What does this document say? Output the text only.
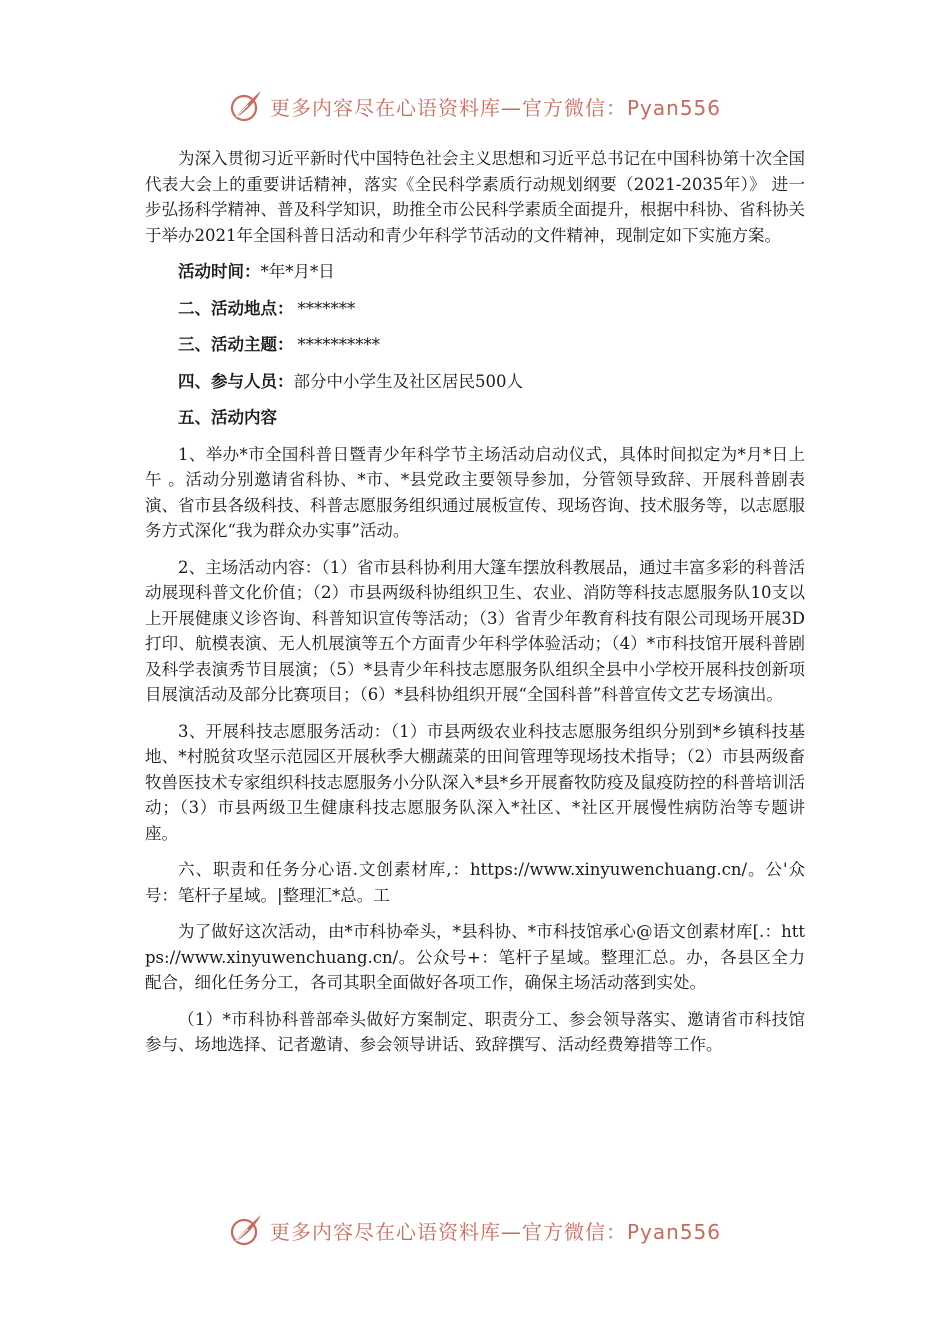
更多内容尽在心语资料库—官方微信：Pyan556

为深入贯彻习近平新时代中国特色社会主义思想和习近平总书记在中国科协第十次全国代表大会上的重要讲话精神，落实《全民科学素质行动规划纲要（2021-2035年）》 进一步弘扬科学精神、普及科学知识，助推全市公民科学素质全面提升，根据中科协、省科协关于举办2021年全国科普日活动和青少年科学节活动的文件精神，现制定如下实施方案。

活动时间：*年*月*日

二、活动地点： *******

三、活动主题： **********

四、参与人员：部分中小学生及社区居民500人

五、活动内容

1、举办*市全国科普日暨青少年科学节主场活动启动仪式，具体时间拟定为*月*日上午 。活动分别邀请省科协、*市、*县党政主要领导参加，分管领导致辞、开展科普剧表演、省市县各级科技、科普志愿服务组织通过展板宣传、现场咨询、技术服务等，以志愿服务方式深化“我为群众办实事”活动。

2、主场活动内容：（1）省市县科协利用大篷车摆放科教展品，通过丰富多彩的科普活动展现科普文化价值；（2）市县两级科协组织卫生、农业、消防等科技志愿服务队10支以上开展健康义诊咨询、科普知识宣传等活动；（3）省青少年教育科技有限公司现场开展3D打印、航模表演、无人机展演等五个方面青少年科学体验活动；（4）*市科技馆开展科普剧及科学表演秀节目展演；（5）*县青少年科技志愿服务队组织全县中小学校开展科技创新项目展演活动及部分比赛项目；（6）*县科协组织开展“全国科普”科普宣传文艺专场演出。

3、开展科技志愿服务活动：（1）市县两级农业科技志愿服务组织分别到*乡镇科技基地、*村脱贫攻坚示范园区开展秋季大棚蔬菜的田间管理等现场技术指导；（2）市县两级畜牧兽医技术专家组织科技志愿服务小分队深入*县*乡开展畜牧防疫及鼠疫防控的科普培训活动；（3）市县两级卫生健康科技志愿服务队深入*社区、*社区开展慢性病防治等专题讲座。

六、职责和任务分心语.文创素材库,：https://www.xinyuwenchuang.cn/。公'众号：笔杆子星域。|整理汇*总。工

为了做好这次活动，由*市科协牵头，*县科协、*市科技馆承心@语文创素材库[.：https://www.xinyuwenchuang.cn/。公众号+：笔杆子星域。整理汇总。办，各县区全力配合，细化任务分工，各司其职全面做好各项工作，确保主场活动落到实处。

（1）*市科协科普部牵头做好方案制定、职责分工、参会领导落实、邀请省市科技馆参与、场地选择、记者邀请、参会领导讲话、致辞撰写、活动经费筹措等工作。

更多内容尽在心语资料库—官方微信：Pyan556
